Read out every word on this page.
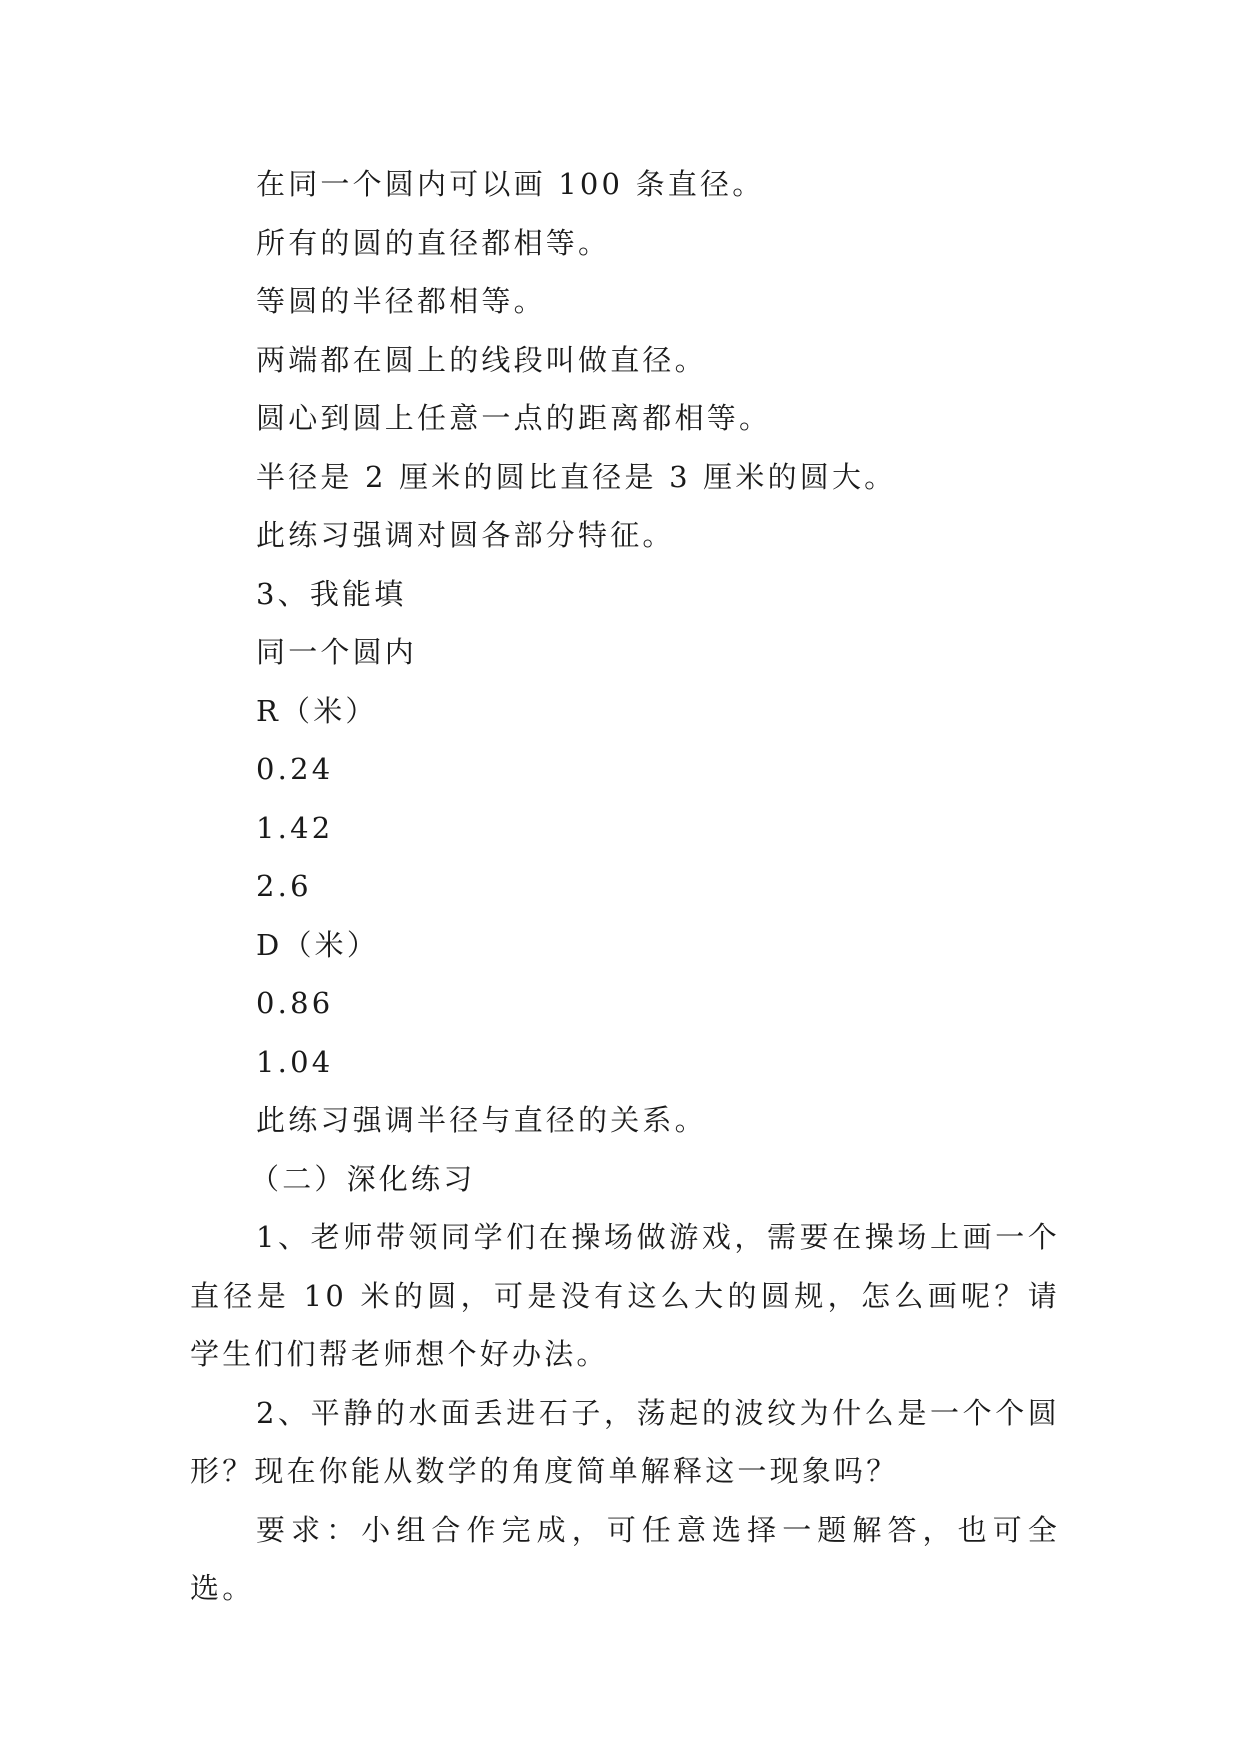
在同一个圆内可以画 100 条直径。
所有的圆的直径都相等。
等圆的半径都相等。
两端都在圆上的线段叫做直径。
圆心到圆上任意一点的距离都相等。
半径是 2 厘米的圆比直径是 3 厘米的圆大。
此练习强调对圆各部分特征。
3、我能填
同一个圆内
R（米）
0.24
1.42
2.6
D（米）
0.86
1.04
此练习强调半径与直径的关系。
（二）深化练习
1、老师带领同学们在操场做游戏，需要在操场上画一个直径是 10 米的圆，可是没有这么大的圆规，怎么画呢？请学生们们帮老师想个好办法。
2、平静的水面丢进石子，荡起的波纹为什么是一个个圆形？现在你能从数学的角度简单解释这一现象吗？
要求：小组合作完成，可任意选择一题解答，也可全选。
